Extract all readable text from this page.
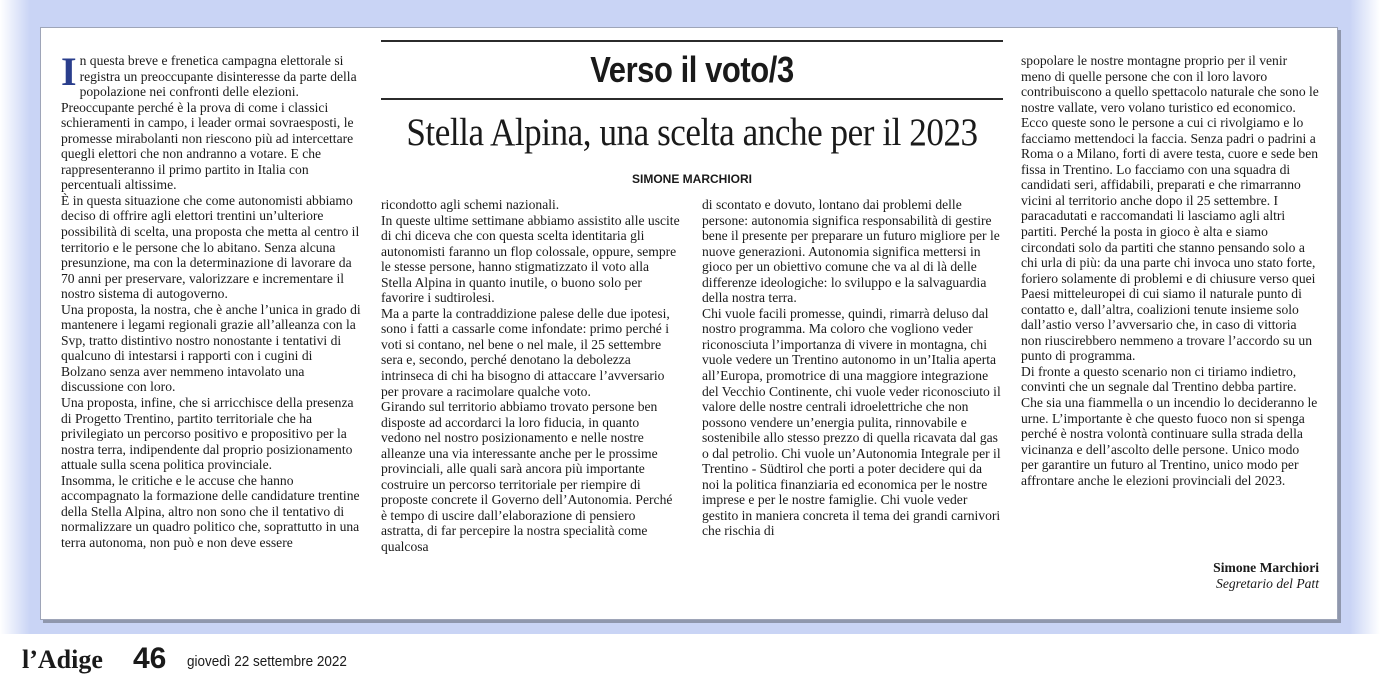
I n questa breve e frenetica campagna elettorale si registra un preoccupante disinteresse da parte della popolazione nei confronti delle elezioni. Preoccupante perché è la prova di come i classici schieramenti in campo, i leader ormai sovraesposti, le promesse mirabolanti non riescono più ad intercettare quegli elettori che non andranno a votare. E che rappresenteranno il primo partito in Italia con percentuali altissime.

È in questa situazione che come autonomisti abbiamo deciso di offrire agli elettori trentini un’ulteriore possibilità di scelta, una proposta che metta al centro il territorio e le persone che lo abitano. Senza alcuna presunzione, ma con la determinazione di lavorare da 70 anni per preservare, valorizzare e incrementare il nostro sistema di autogoverno.

Una proposta, la nostra, che è anche l’unica in grado di mantenere i legami regionali grazie all’alleanza con la Svp, tratto distintivo nostro nonostante i tentativi di qualcuno di intestarsi i rapporti con i cugini di Bolzano senza aver nemmeno intavolato una discussione con loro.

Una proposta, infine, che si arricchisce della presenza di Progetto Trentino, partito territoriale che ha privilegiato un percorso positivo e propositivo per la nostra terra, indipendente dal proprio posizionamento attuale sulla scena politica provinciale.

Insomma, le critiche e le accuse che hanno accompagnato la formazione delle candidature trentine della Stella Alpina, altro non sono che il tentativo di normalizzare un quadro politico che, soprattutto in una terra autonoma, non può e non deve essere

Verso il voto/3
Stella Alpina, una scelta anche per il 2023
SIMONE MARCHIORI

ricondotto agli schemi nazionali.

In queste ultime settimane abbiamo assistito alle uscite di chi diceva che con questa scelta identitaria gli autonomisti faranno un flop colossale, oppure, sempre le stesse persone, hanno stigmatizzato il voto alla Stella Alpina in quanto inutile, o buono solo per favorire i sudtirolesi.

Ma a parte la contraddizione palese delle due ipotesi, sono i fatti a cassarle come infondate: primo perché i voti si contano, nel bene o nel male, il 25 settembre sera e, secondo, perché denotano la debolezza intrinseca di chi ha bisogno di attaccare l’avversario per provare a racimolare qualche voto.

Girando sul territorio abbiamo trovato persone ben disposte ad accordarci la loro fiducia, in quanto vedono nel nostro posizionamento e nelle nostre alleanze una via interessante anche per le prossime provinciali, alle quali sarà ancora più importante costruire un percorso territoriale per riempire di proposte concrete il Governo dell’Autonomia. Perché è tempo di uscire dall’elaborazione di pensiero astratta, di far percepire la nostra specialità come qualcosa

di scontato e dovuto, lontano dai problemi delle persone: autonomia significa responsabilità di gestire bene il presente per preparare un futuro migliore per le nuove generazioni. Autonomia significa mettersi in gioco per un obiettivo comune che va al di là delle differenze ideologiche: lo sviluppo e la salvaguardia della nostra terra.

Chi vuole facili promesse, quindi, rimarrà deluso dal nostro programma. Ma coloro che vogliono veder riconosciuta l’importanza di vivere in montagna, chi vuole vedere un Trentino autonomo in un’Italia aperta all’Europa, promotrice di una maggiore integrazione del Vecchio Continente, chi vuole veder riconosciuto il valore delle nostre centrali idroelettriche che non possono vendere un’energia pulita, rinnovabile e sostenibile allo stesso prezzo di quella ricavata dal gas o dal petrolio. Chi vuole un’Autonomia Integrale per il Trentino - Südtirol che porti a poter decidere qui da noi la politica finanziaria ed economica per le nostre imprese e per le nostre famiglie. Chi vuole veder gestito in maniera concreta il tema dei grandi carnivori che rischia di

spopolare le nostre montagne proprio per il venir meno di quelle persone che con il loro lavoro contribuiscono a quello spettacolo naturale che sono le nostre vallate, vero volano turistico ed economico.

Ecco queste sono le persone a cui ci rivolgiamo e lo facciamo mettendoci la faccia. Senza padri o padrini a Roma o a Milano, forti di avere testa, cuore e sede ben fissa in Trentino. Lo facciamo con una squadra di candidati seri, affidabili, preparati e che rimarranno vicini al territorio anche dopo il 25 settembre. I paracadutati e raccomandati li lasciamo agli altri partiti. Perché la posta in gioco è alta e siamo circondati solo da partiti che stanno pensando solo a chi urla di più: da una parte chi invoca uno stato forte, foriero solamente di problemi e di chiusure verso quei Paesi mitteleuropei di cui siamo il naturale punto di contatto e, dall’altra, coalizioni tenute insieme solo dall’astio verso l’avversario che, in caso di vittoria non riuscirebbero nemmeno a trovare l’accordo su un punto di programma.

Di fronte a questo scenario non ci tiriamo indietro, convinti che un segnale dal Trentino debba partire. Che sia una fiammella o un incendio lo decideranno le urne. L’importante è che questo fuoco non si spenga perché è nostra volontà continuare sulla strada della vicinanza e dell’ascolto delle persone. Unico modo per garantire un futuro al Trentino, unico modo per affrontare anche le elezioni provinciali del 2023.

Simone Marchiori
Segretario del Patt
l’Adige 46 giovedì 22 settembre 2022
